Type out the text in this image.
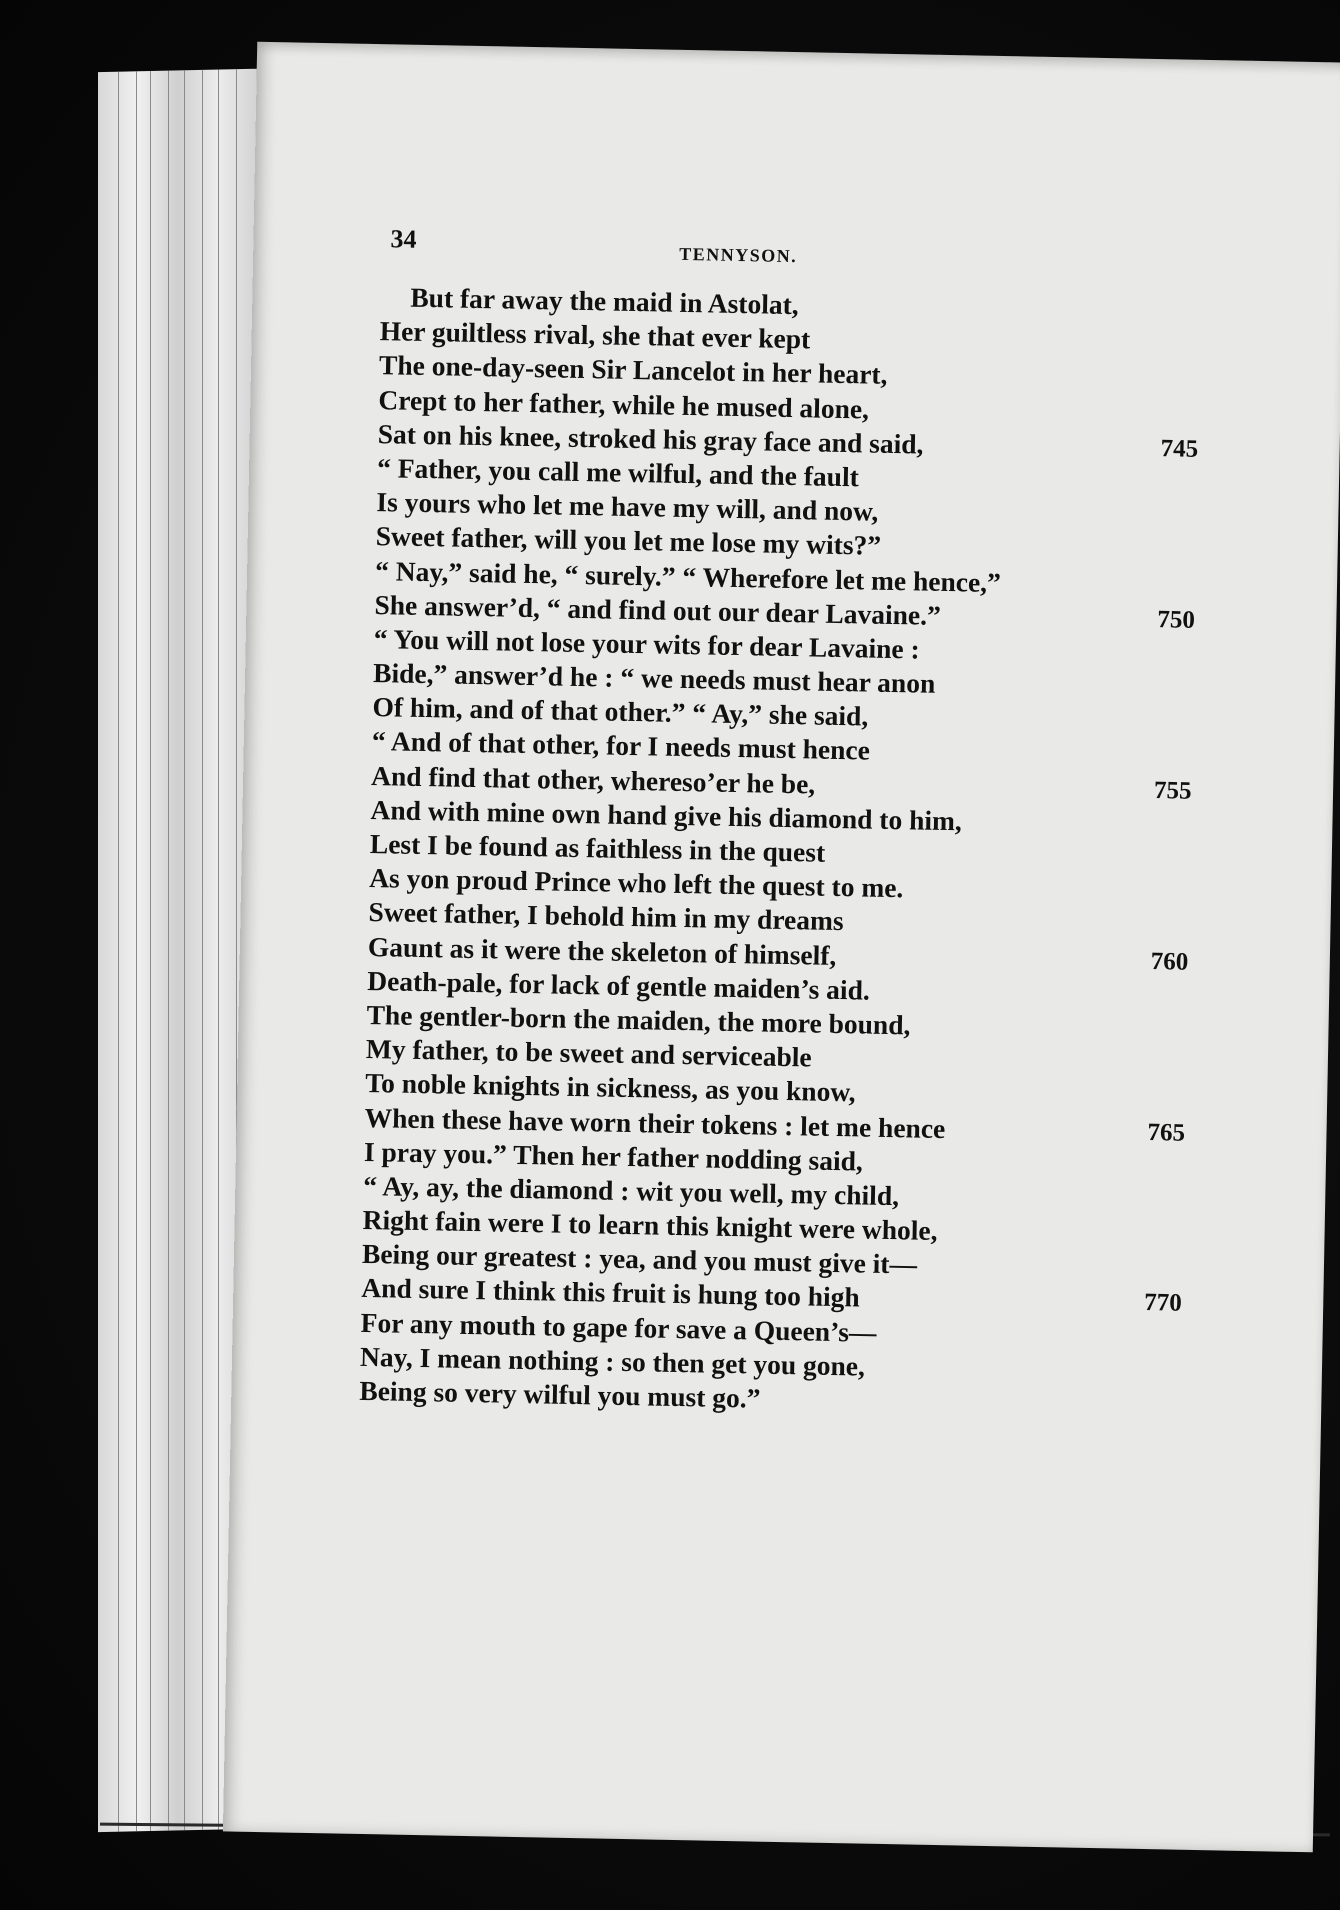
34
TENNYSON.
But far away the maid in Astolat,
Her guiltless rival, she that ever kept
The one-day-seen Sir Lancelot in her heart,
Crept to her father, while he mused alone,
Sat on his knee, stroked his gray face and said,	745
“ Father, you call me wilful, and the fault
Is yours who let me have my will, and now,
Sweet father, will you let me lose my wits?”
“ Nay,” said he, “ surely.” “ Wherefore let me hence,”
She answer’d, “ and find out our dear Lavaine.”	750
“ You will not lose your wits for dear Lavaine :
Bide,” answer’d he : “ we needs must hear anon
Of him, and of that other.” “ Ay,” she said,
“ And of that other, for I needs must hence
And find that other, whereso’er he be,	755
And with mine own hand give his diamond to him,
Lest I be found as faithless in the quest
As yon proud Prince who left the quest to me.
Sweet father, I behold him in my dreams
Gaunt as it were the skeleton of himself,	760
Death-pale, for lack of gentle maiden’s aid.
The gentler-born the maiden, the more bound,
My father, to be sweet and serviceable
To noble knights in sickness, as you know,
When these have worn their tokens : let me hence	765
I pray you.” Then her father nodding said,
“ Ay, ay, the diamond : wit you well, my child,
Right fain were I to learn this knight were whole,
Being our greatest : yea, and you must give it—
And sure I think this fruit is hung too high	770
For any mouth to gape for save a Queen’s—
Nay, I mean nothing : so then get you gone,
Being so very wilful you must go.”
